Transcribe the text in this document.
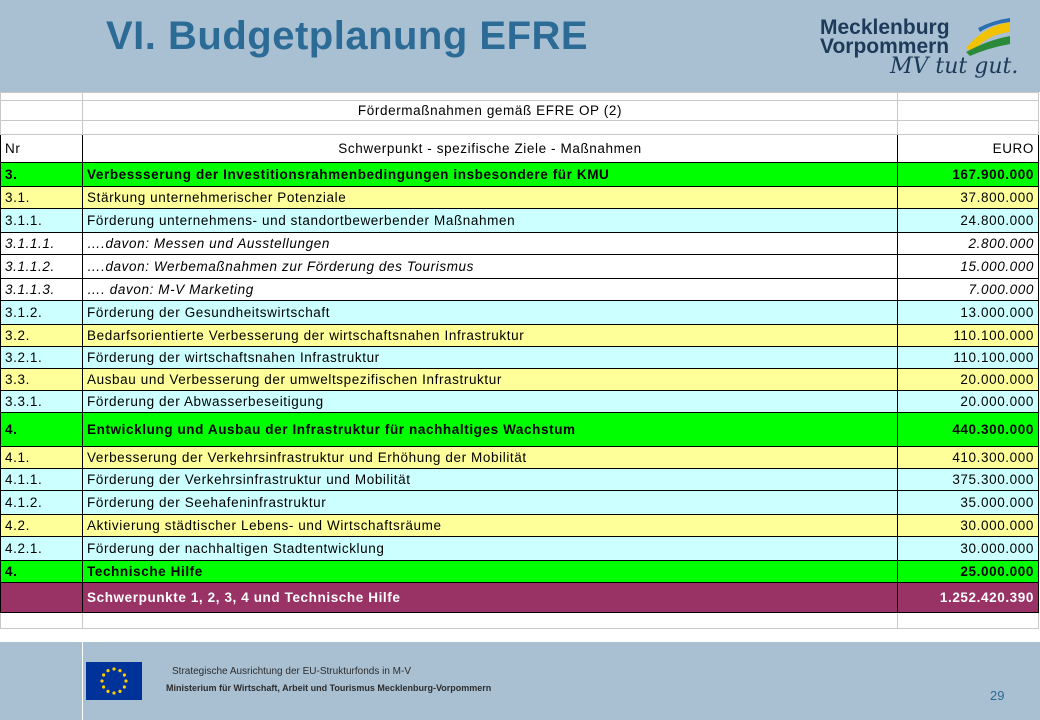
VI. Budgetplanung EFRE	Mecklenburg
Vorpommern
MV tut gut.

	Fördermaßnahmen gemäß EFRE OP (2)	

Nr	Schwerpunkt - spezifische Ziele - Maßnahmen	EURO
3.	Verbessserung der Investitionsrahmenbedingungen insbesondere für KMU	167.900.000
3.1.	Stärkung unternehmerischer Potenziale	37.800.000
3.1.1.	Förderung unternehmens- und standortbewerbender Maßnahmen	24.800.000
3.1.1.1.	….davon: Messen und Ausstellungen	2.800.000
3.1.1.2.	….davon: Werbemaßnahmen zur Förderung des Tourismus	15.000.000
3.1.1.3.	…. davon: M-V Marketing	7.000.000
3.1.2.	Förderung der Gesundheitswirtschaft	13.000.000
3.2.	Bedarfsorientierte Verbesserung der wirtschaftsnahen Infrastruktur	110.100.000
3.2.1.	Förderung der wirtschaftsnahen Infrastruktur	110.100.000
3.3.	Ausbau und Verbesserung der umweltspezifischen Infrastruktur	20.000.000
3.3.1.	Förderung der Abwasserbeseitigung	20.000.000
4.	Entwicklung und Ausbau der Infrastruktur für nachhaltiges Wachstum	440.300.000
4.1.	Verbesserung der Verkehrsinfrastruktur und Erhöhung der Mobilität	410.300.000
4.1.1.	Förderung der Verkehrsinfrastruktur und Mobilität	375.300.000
4.1.2.	Förderung der Seehafeninfrastruktur	35.000.000
4.2.	Aktivierung städtischer Lebens- und Wirtschaftsräume	30.000.000
4.2.1.	Förderung der nachhaltigen Stadtentwicklung	30.000.000
4.	Technische Hilfe	25.000.000
	Schwerpunkte 1, 2, 3, 4 und Technische Hilfe	1.252.420.390

Strategische Ausrichtung der EU-Strukturfonds in M-V
Ministerium für Wirtschaft, Arbeit und Tourismus Mecklenburg-Vorpommern	29
